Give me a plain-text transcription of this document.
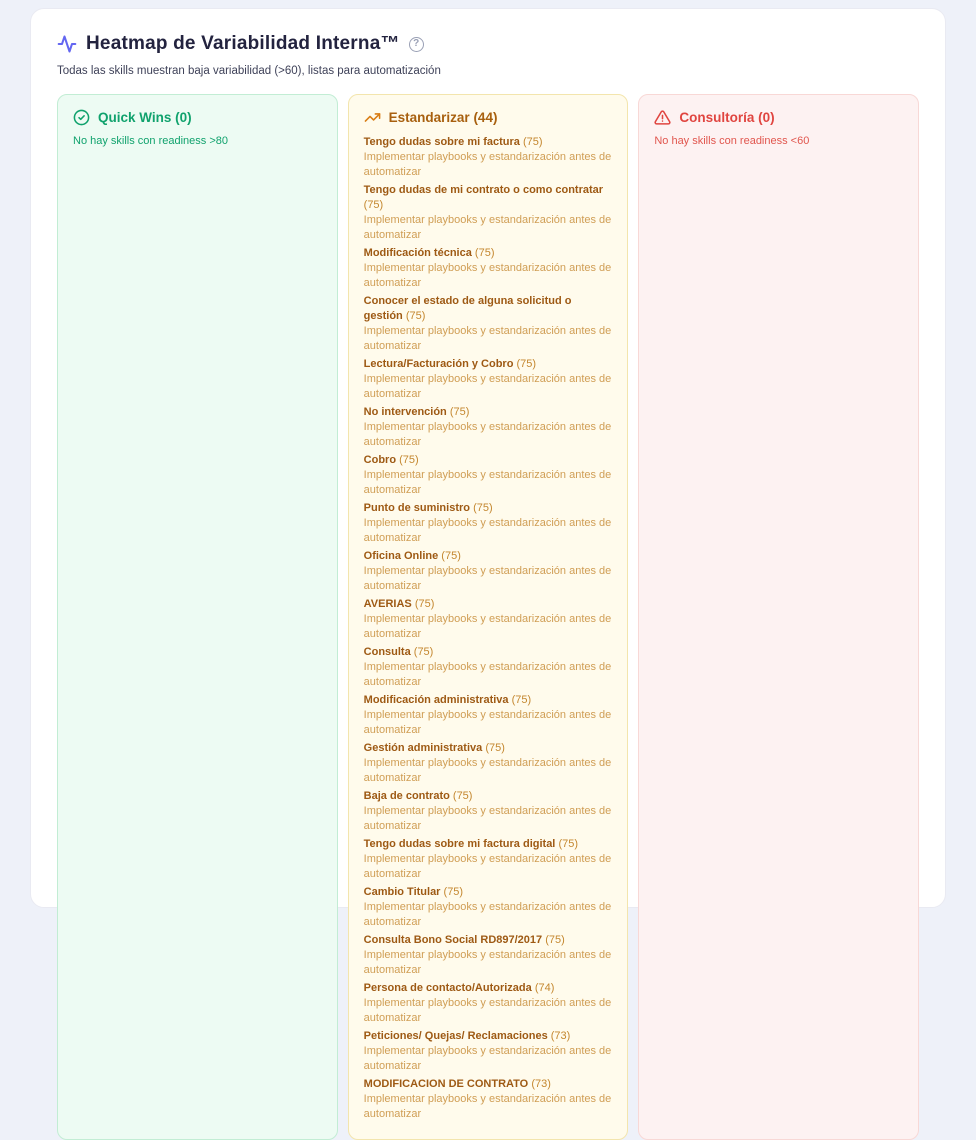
Heatmap de Variabilidad Interna™	?
Todas las skills muestran baja variabilidad (>60), listas para automatización
Quick Wins (0)
No hay skills con readiness >80
Estandarizar (44)
Tengo dudas sobre mi factura (75)
Implementar playbooks y estandarización antes de automatizar
Tengo dudas de mi contrato o como contratar (75)
Implementar playbooks y estandarización antes de automatizar
Modificación técnica (75)
Implementar playbooks y estandarización antes de automatizar
Conocer el estado de alguna solicitud o gestión (75)
Implementar playbooks y estandarización antes de automatizar
Lectura/Facturación y Cobro (75)
Implementar playbooks y estandarización antes de automatizar
No intervención (75)
Implementar playbooks y estandarización antes de automatizar
Cobro (75)
Implementar playbooks y estandarización antes de automatizar
Punto de suministro (75)
Implementar playbooks y estandarización antes de automatizar
Oficina Online (75)
Implementar playbooks y estandarización antes de automatizar
AVERIAS (75)
Implementar playbooks y estandarización antes de automatizar
Consulta (75)
Implementar playbooks y estandarización antes de automatizar
Modificación administrativa (75)
Implementar playbooks y estandarización antes de automatizar
Gestión administrativa (75)
Implementar playbooks y estandarización antes de automatizar
Baja de contrato (75)
Implementar playbooks y estandarización antes de automatizar
Tengo dudas sobre mi factura digital (75)
Implementar playbooks y estandarización antes de automatizar
Cambio Titular (75)
Implementar playbooks y estandarización antes de automatizar
Consulta Bono Social RD897/2017 (75)
Implementar playbooks y estandarización antes de automatizar
Persona de contacto/Autorizada (74)
Implementar playbooks y estandarización antes de automatizar
Peticiones/ Quejas/ Reclamaciones (73)
Implementar playbooks y estandarización antes de automatizar
MODIFICACION DE CONTRATO (73)
Implementar playbooks y estandarización antes de automatizar
Consultoría (0)
No hay skills con readiness <60
